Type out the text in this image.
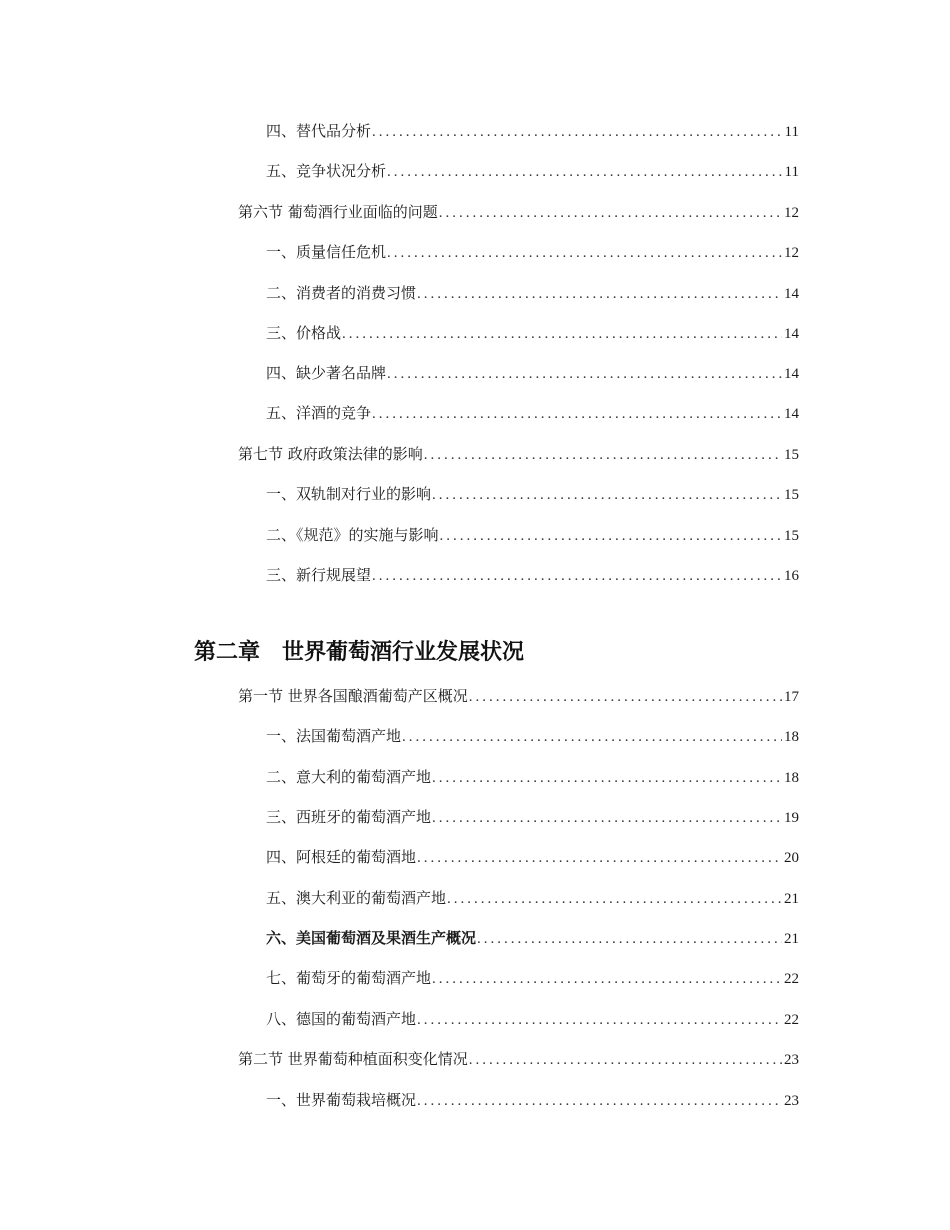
四、替代品分析 .....	11
五、竞争状况分析 .....	11
第六节 葡萄酒行业面临的问题 .....	12
一、质量信任危机 .....	12
二、消费者的消费习惯 .....	14
三、价格战 .....	14
四、缺少著名品牌 .....	14
五、洋酒的竞争 .....	14
第七节 政府政策法律的影响 .....	15
一、双轨制对行业的影响 .....	15
二、《规范》的实施与影响 .....	15
三、新行规展望 .....	16
第二章 世界葡萄酒行业发展状况
第一节 世界各国酿酒葡萄产区概况 .....	17
一、法国葡萄酒产地 .....	18
二、意大利的葡萄酒产地 .....	18
三、西班牙的葡萄酒产地 .....	19
四、阿根廷的葡萄酒地 .....	20
五、澳大利亚的葡萄酒产地 .....	21
六、美国葡萄酒及果酒生产概况 .....	21
七、葡萄牙的葡萄酒产地 .....	22
八、德国的葡萄酒产地 .....	22
第二节 世界葡萄种植面积变化情况 .....	23
一、世界葡萄栽培概况 .....	23
